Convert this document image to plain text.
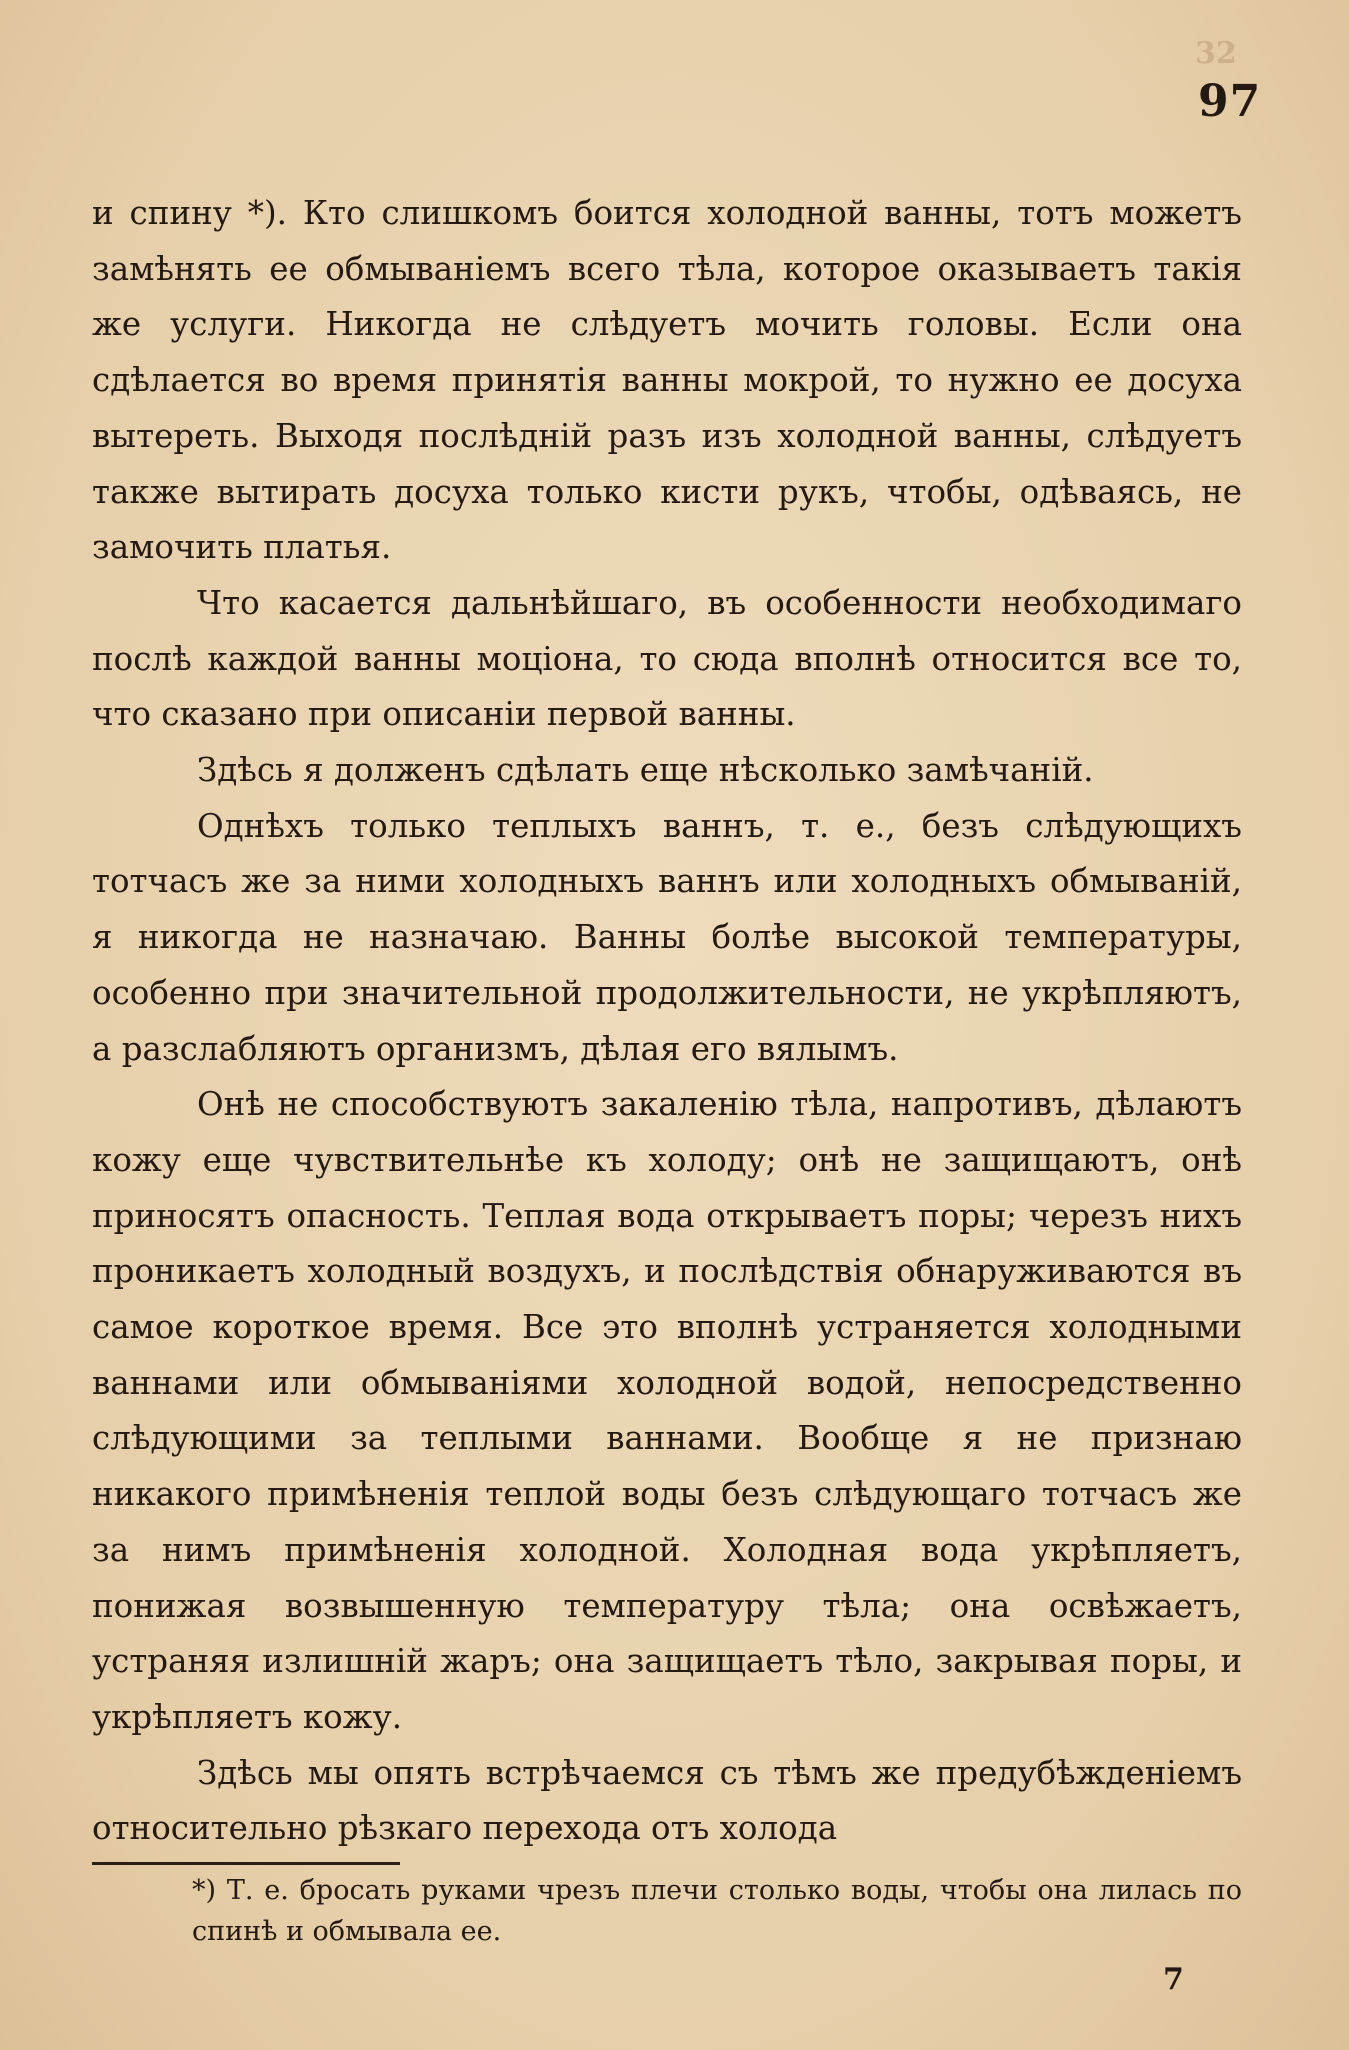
32
97

и спину *). Кто слишкомъ боится холодной ванны, тотъ можетъ замѣнять ее обмываніемъ всего тѣла, которое оказываетъ такія же услуги. Никогда не слѣдуетъ мочить головы. Если она сдѣлается во время принятія ванны мокрой, то нужно ее досуха вытереть. Выходя послѣдній разъ изъ холодной ванны, слѣдуетъ также вытирать досуха только кисти рукъ, чтобы, одѣваясь, не замочить платья.

Что касается дальнѣйшаго, въ особенности необходимаго послѣ каждой ванны моціона, то сюда вполнѣ относится все то, что сказано при описаніи первой ванны.

Здѣсь я долженъ сдѣлать еще нѣсколько замѣчаній.

Однѣхъ только теплыхъ ваннъ, т. е., безъ слѣдующихъ тотчасъ же за ними холодныхъ ваннъ или холодныхъ обмываній, я никогда не назначаю. Ванны болѣе высокой температуры, особенно при значительной продолжительности, не укрѣпляютъ, а разслабляютъ организмъ, дѣлая его вялымъ.

Онѣ не способствуютъ закаленію тѣла, напротивъ, дѣлаютъ кожу еще чувствительнѣе къ холоду; онѣ не защищаютъ, онѣ приносятъ опасность. Теплая вода открываетъ поры; черезъ нихъ проникаетъ холодный воздухъ, и послѣдствія обнаруживаются въ самое короткое время. Все это вполнѣ устраняется холодными ваннами или обмываніями холодной водой, непосредственно слѣдующими за теплыми ваннами. Вообще я не признаю никакого примѣненія теплой воды безъ слѣдующаго тотчасъ же за нимъ примѣненія холодной. Холодная вода укрѣпляетъ, понижая возвышенную температуру тѣла; она освѣжаетъ, устраняя излишній жаръ; она защищаетъ тѣло, закрывая поры, и укрѣпляетъ кожу.

Здѣсь мы опять встрѣчаемся съ тѣмъ же предубѣжденіемъ относительно рѣзкаго перехода отъ холода

*) Т. е. бросать руками чрезъ плечи столько воды, чтобы она лилась по спинѣ и обмывала ее.
7
